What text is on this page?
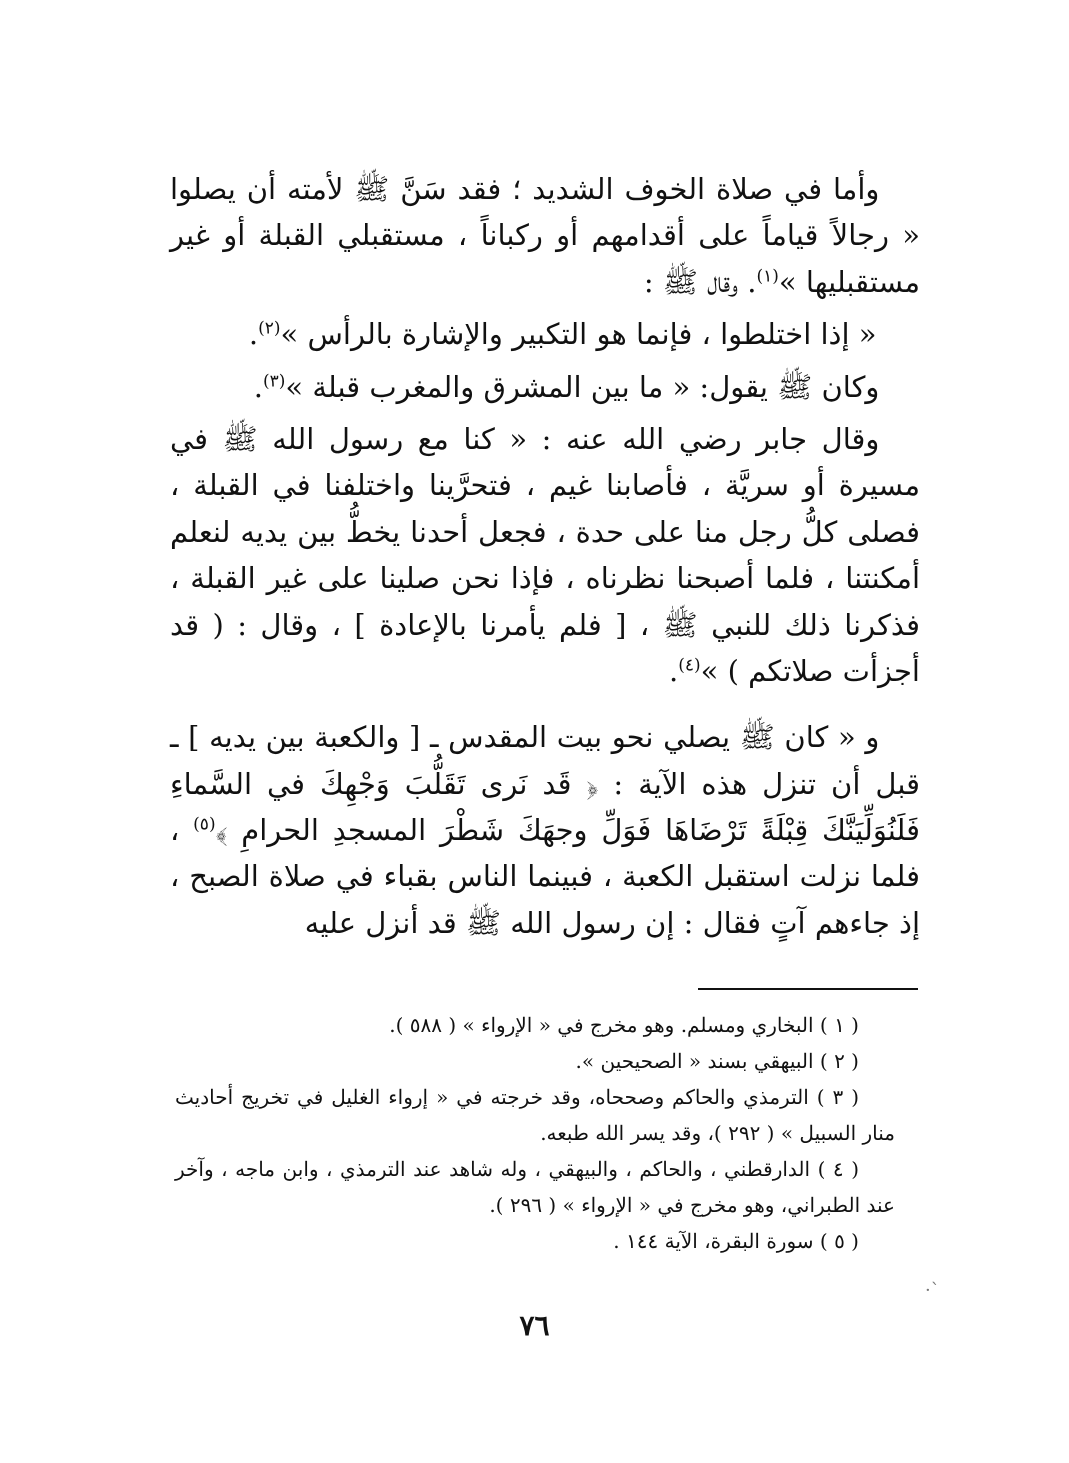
وأما في صلاة الخوف الشديد ؛ فقد سَنَّ ﷺ لأمته أن يصلوا « رجالاً قياماً على أقدامهم أو ركباناً ، مستقبلي القبلة أو غير مستقبليها »$^{(١)}$. وقال ﷺ :

« إذا اختلطوا ، فإنما هو التكبير والإشارة بالرأس »$^{(٢)}$.

وكان ﷺ يقول: « ما بين المشرق والمغرب قبلة »$^{(٣)}$.

وقال جابر رضي الله عنه : « كنا مع رسول الله ﷺ في مسيرة أو سريَّة ، فأصابنا غيم ، فتحرَّينا واختلفنا في القبلة ، فصلى كلُّ رجل منا على حدة ، فجعل أحدنا يخطُّ بين يديه لنعلم أمكنتنا ، فلما أصبحنا نظرناه ، فإذا نحن صلينا على غير القبلة ، فذكرنا ذلك للنبي ﷺ ، [ فلم يأمرنا بالإعادة ] ، وقال : ( قد أجزأت صلاتكم ) »$^{(٤)}$.

و « كان ﷺ يصلي نحو بيت المقدس ـ [ والكعبة بين يديه ] ـ قبل أن تنزل هذه الآية : ﴿ قَد نَرى تَقَلُّبَ وَجْهِكَ في السَّماءِ فَلَنُوَلِّيَنَّكَ قِبْلَةً تَرْضَاهَا فَوَلِّ وجهَكَ شَطْرَ المسجدِ الحرامِ ﴾$^{(٥)}$ ، فلما نزلت استقبل الكعبة ، فبينما الناس بقباء في صلاة الصبح ، إذ جاءهم آتٍ فقال : إن رسول الله ﷺ قد أنزل عليه

( ١ ) البخاري ومسلم. وهو مخرج في « الإرواء » ( ٥٨٨ ).

( ٢ ) البيهقي بسند « الصحيحين ».

( ٣ ) الترمذي والحاكم وصححاه، وقد خرجته في « إرواء الغليل في تخريج أحاديث منار السبيل » ( ٢٩٢ )، وقد يسر الله طبعه.

( ٤ ) الدارقطني ، والحاكم ، والبيهقي ، وله شاهد عند الترمذي ، وابن ماجه ، وآخر عند الطبراني، وهو مخرج في « الإرواء » ( ٢٩٦ ).

( ٥ ) سورة البقرة، الآية ١٤٤ .

·ˋ
٧٦
